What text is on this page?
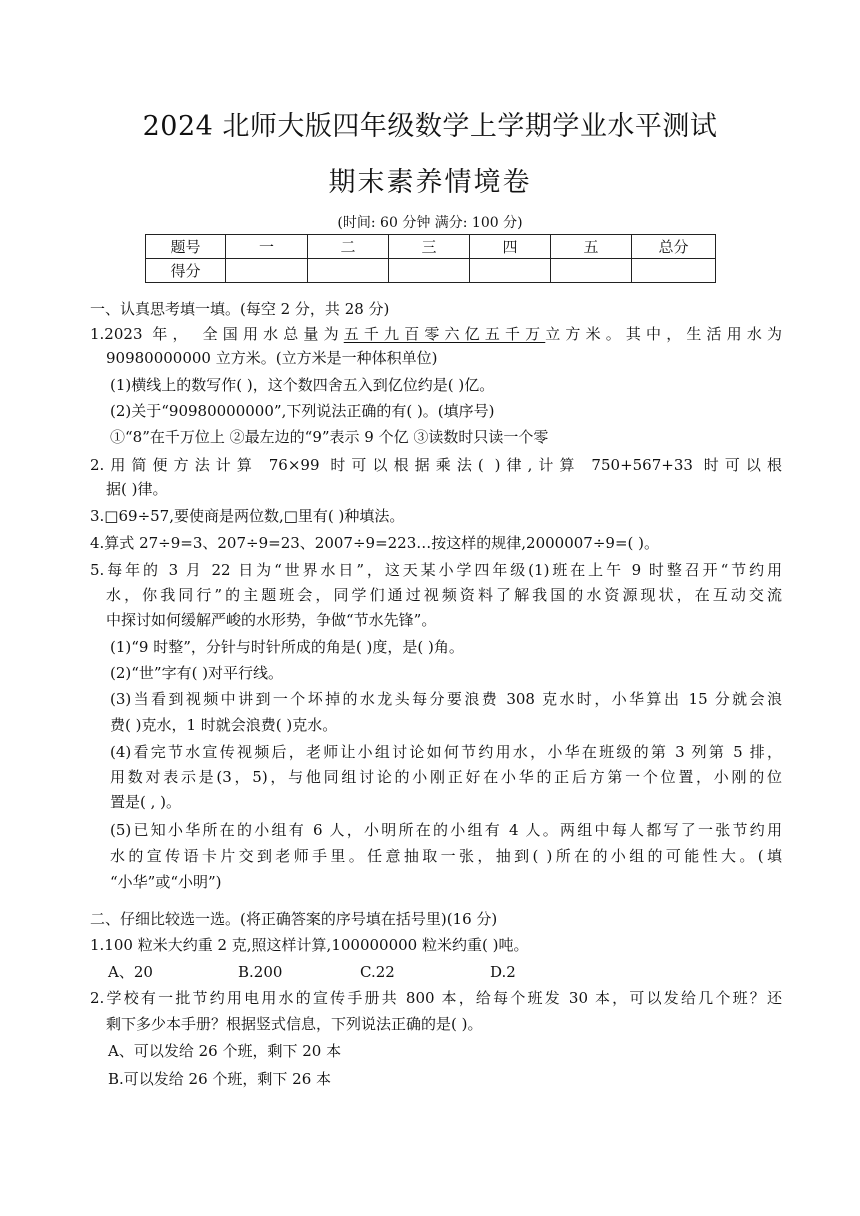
2024 北师大版四年级数学上学期学业水平测试
期末素养情境卷
(时间: 60 分钟 满分: 100 分)
题号	一	二	三	四	五	总分
得分						
一、认真思考填一填。(每空 2 分，共 28 分)
1.2023 年， 全国用水总量为五千九百零六亿五千万立方米。其中，生活用水为
90980000000 立方米。(立方米是一种体积单位)
(1)横线上的数写作( )，这个数四舍五入到亿位约是( )亿。
(2)关于“90980000000”,下列说法正确的有( )。(填序号)
①“8”在千万位上 ②最左边的“9”表示 9 个亿 ③读数时只读一个零
2.用简便方法计算 76×99 时可以根据乘法( )律,计算 750+567+33 时可以根
据( )律。
3.□69÷57,要使商是两位数,□里有( )种填法。
4.算式 27÷9=3、207÷9=23、2007÷9=223…按这样的规律,2000007÷9=( )。
5.每年的 3 月 22 日为“世界水日”，这天某小学四年级(1)班在上午 9 时整召开“节约用
水，你我同行”的主题班会，同学们通过视频资料了解我国的水资源现状，在互动交流
中探讨如何缓解严峻的水形势，争做“节水先锋”。
(1)“9 时整”，分针与时针所成的角是( )度，是( )角。
(2)“世”字有( )对平行线。
(3)当看到视频中讲到一个坏掉的水龙头每分要浪费 308 克水时，小华算出 15 分就会浪
费( )克水，1 时就会浪费( )克水。
(4)看完节水宣传视频后，老师让小组讨论如何节约用水，小华在班级的第 3 列第 5 排，
用数对表示是(3，5)，与他同组讨论的小刚正好在小华的正后方第一个位置，小刚的位
置是( , )。
(5)已知小华所在的小组有 6 人，小明所在的小组有 4 人。两组中每人都写了一张节约用
水的宣传语卡片交到老师手里。任意抽取一张，抽到( )所在的小组的可能性大。(填
“小华”或“小明”)
二、仔细比较选一选。(将正确答案的序号填在括号里)(16 分)
1.100 粒米大约重 2 克,照这样计算,100000000 粒米约重( )吨。
A、20	B.200	C.22	D.2
2.学校有一批节约用电用水的宣传手册共 800 本，给每个班发 30 本，可以发给几个班？还
剩下多少本手册？根据竖式信息，下列说法正确的是( )。
A、可以发给 26 个班，剩下 20 本
B.可以发给 26 个班，剩下 26 本
